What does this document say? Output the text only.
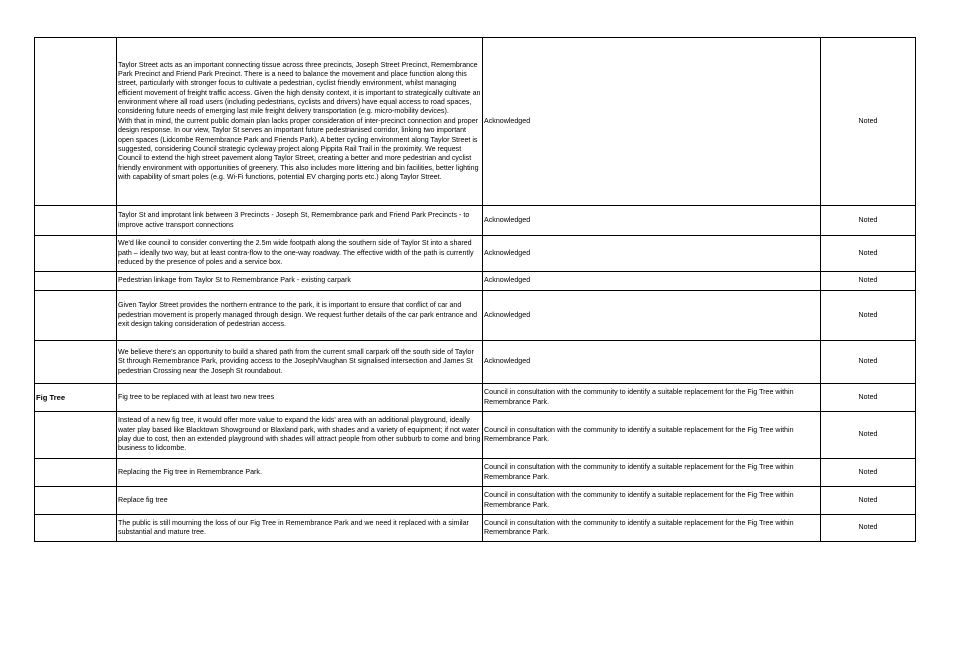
	Taylor Street acts as an important connecting tissue across three precincts, Joseph Street Precinct, Remembrance Park Precinct and Friend Park Precinct. There is a need to balance the movement and place function along this street, particularly with stronger focus to cultivate a pedestrian, cyclist friendly environment, whilst managing efficient movement of freight traffic access. Given the high density context, it is important to strategically cultivate an environment where all road users (including pedestrians, cyclists and drivers) have equal access to road spaces, considering future needs of emerging last mile freight delivery transportation (e.g. micro-mobility devices).
With that in mind, the current public domain plan lacks proper consideration of inter-precinct connection and proper design response. In our view, Taylor St serves an important future pedestrianised corridor, linking two important open spaces (Lidcombe Remembrance Park and Friends Park). A better cycling environment along Taylor Street is suggested, considering Council strategic cycleway project along Pippita Rail Trail in the proximity. We request Council to extend the high street pavement along Taylor Street, creating a better and more pedestrian and cyclist friendly environment with opportunities of greenery. This also includes more littering and bin facilities, better lighting with capability of smart poles (e.g. Wi-Fi functions, potential EV charging ports etc.) along Taylor Street.	Acknowledged	Noted
	Taylor St and improtant link between 3 Precincts - Joseph St, Remembrance park and Friend Park Precincts - to improve active transport connections	Acknowledged	Noted
	We'd like council to consider converting the 2.5m wide footpath along the southern side of Taylor St into a shared path – ideally two way, but at least contra-flow to the one-way roadway. The effective width of the path is currently reduced by the presence of poles and a service box.	Acknowledged	Noted
	Pedestrian linkage from Taylor St to Remembrance Park - existing carpark	Acknowledged	Noted
	Given Taylor Street provides the northern entrance to the park, it is important to ensure that conflict of car and pedestrian movement is properly managed through design. We request further details of the car park entrance and exit design taking consideration of pedestrian access.	Acknowledged	Noted
	We believe there's an opportunity to build a shared path from the current small carpark off the south side of Taylor St through Remembrance Park, providing access to the Joseph/Vaughan St signalised intersection and James St pedestrian Crossing near the Joseph St roundabout.	Acknowledged	Noted
Fig Tree	Fig tree to be replaced with at least two new trees	Council in consultation with the community to identify a suitable replacement for the Fig Tree within Remembrance Park.	Noted
	Instead of a new fig tree, it would offer more value to expand the kids' area with an additional playground, ideally water play based like Blacktown Showground or Blaxland park, with shades and a variety of equipment; if not water play due to cost, then an extended playground with shades will attract people from other subburb to come and bring business to lidcombe.	Council in consultation with the community to identify a suitable replacement for the Fig Tree within Remembrance Park.	Noted
	Replacing the Fig tree in Remembrance Park.	Council in consultation with the community to identify a suitable replacement for the Fig Tree within Remembrance Park.	Noted
	Replace fig tree	Council in consultation with the community to identify a suitable replacement for the Fig Tree within Remembrance Park.	Noted
	The public is still mourning the loss of our Fig Tree in Remembrance Park and we need it replaced with a similar substantial and mature tree.	Council in consultation with the community to identify a suitable replacement for the Fig Tree within Remembrance Park.	Noted
